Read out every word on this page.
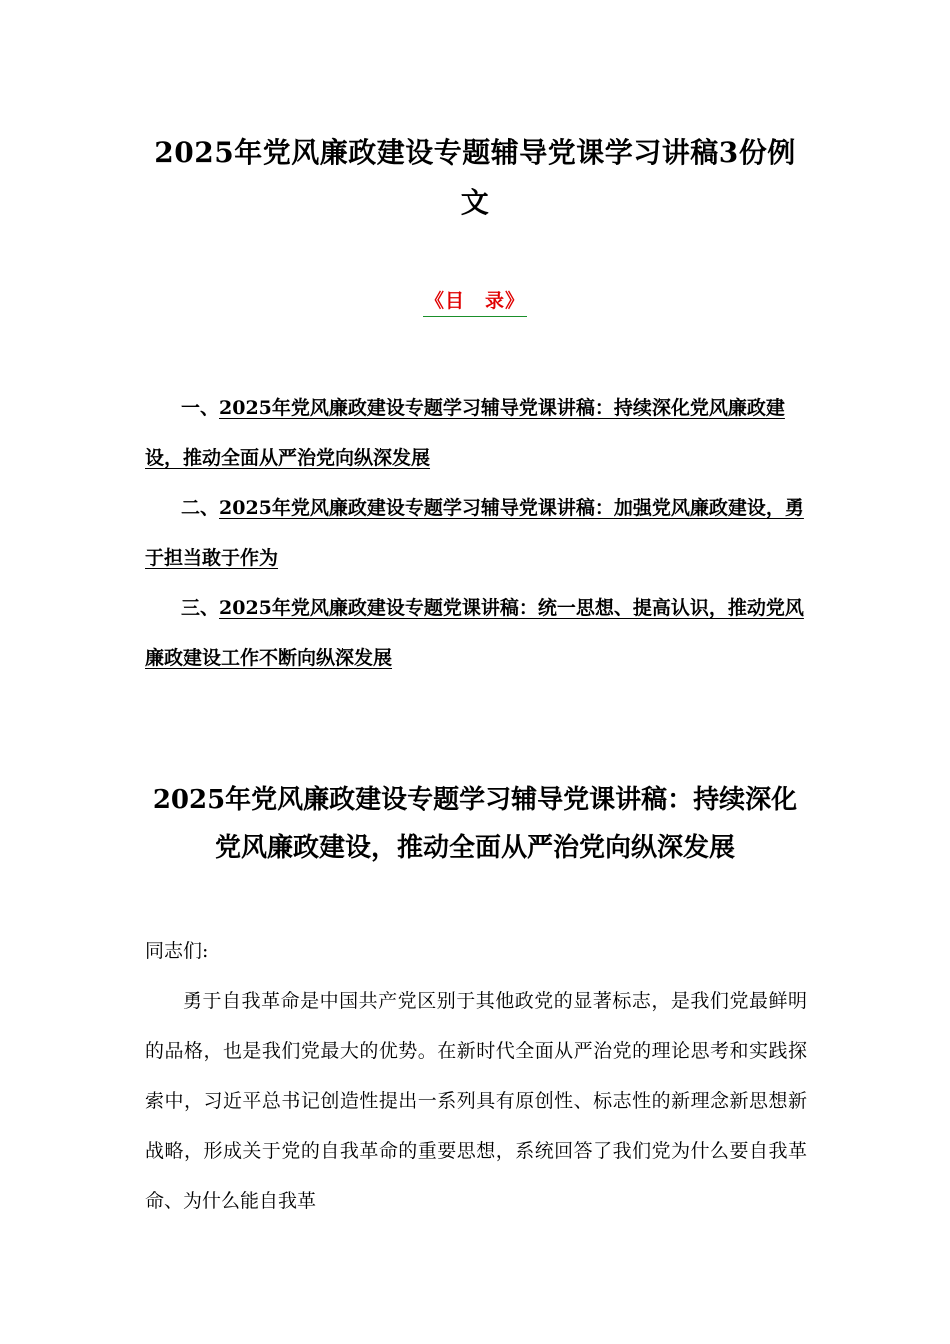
2025年党风廉政建设专题辅导党课学习讲稿3份例文
《目　录》

一、2025年党风廉政建设专题学习辅导党课讲稿：持续深化党风廉政建设，推动全面从严治党向纵深发展

二、2025年党风廉政建设专题学习辅导党课讲稿：加强党风廉政建设，勇于担当敢于作为

三、2025年党风廉政建设专题党课讲稿：统一思想、提高认识，推动党风廉政建设工作不断向纵深发展

2025年党风廉政建设专题学习辅导党课讲稿：持续深化党风廉政建设，推动全面从严治党向纵深发展

同志们:

勇于自我革命是中国共产党区别于其他政党的显著标志，是我们党最鲜明的品格，也是我们党最大的优势。在新时代全面从严治党的理论思考和实践探索中，习近平总书记创造性提出一系列具有原创性、标志性的新理念新思想新战略，形成关于党的自我革命的重要思想，系统回答了我们党为什么要自我革命、为什么能自我革
